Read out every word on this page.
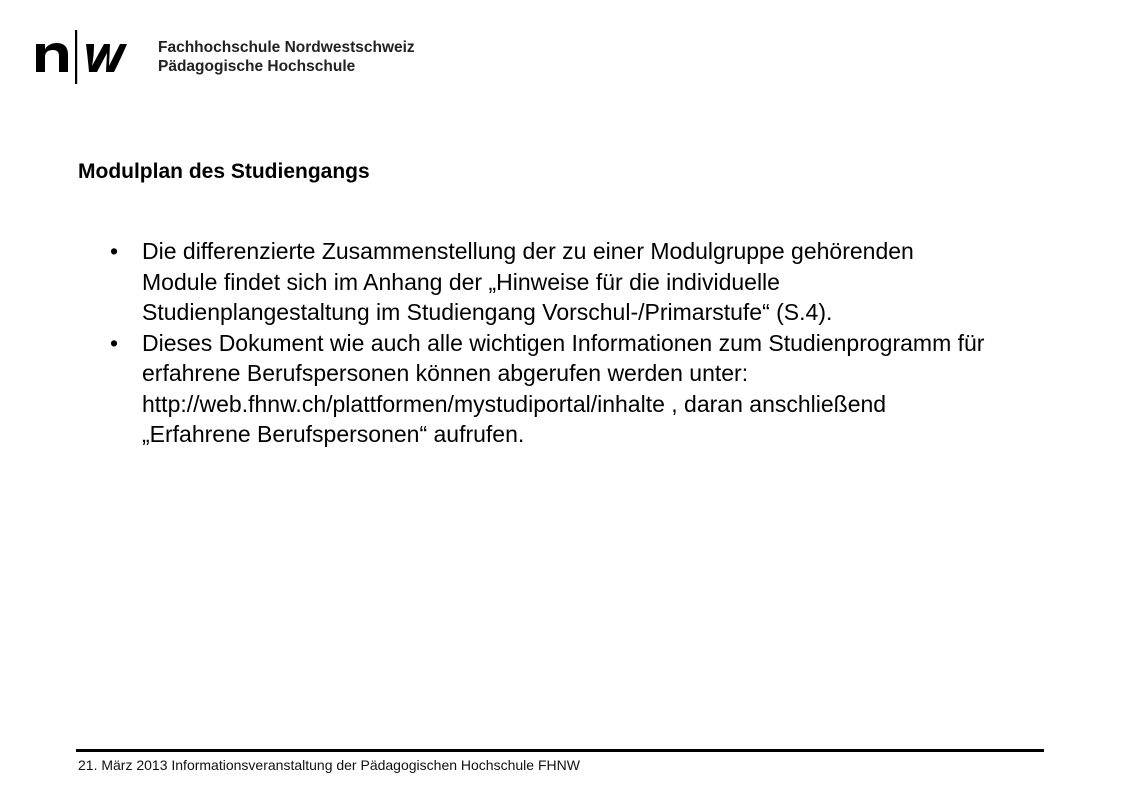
Fachhochschule Nordwestschweiz
Pädagogische Hochschule
Modulplan des Studiengangs
• Die differenzierte Zusammenstellung der zu einer Modulgruppe gehörenden Module findet sich im Anhang der „Hinweise für die individuelle Studienplangestaltung im Studiengang Vorschul-/Primarstufe“ (S.4).
• Dieses Dokument wie auch alle wichtigen Informationen zum Studienprogramm für erfahrene Berufspersonen können abgerufen werden unter: http://web.fhnw.ch/plattformen/mystudiportal/inhalte , daran anschließend „Erfahrene Berufspersonen“ aufrufen.
21. März 2013 Informationsveranstaltung der Pädagogischen Hochschule FHNW
